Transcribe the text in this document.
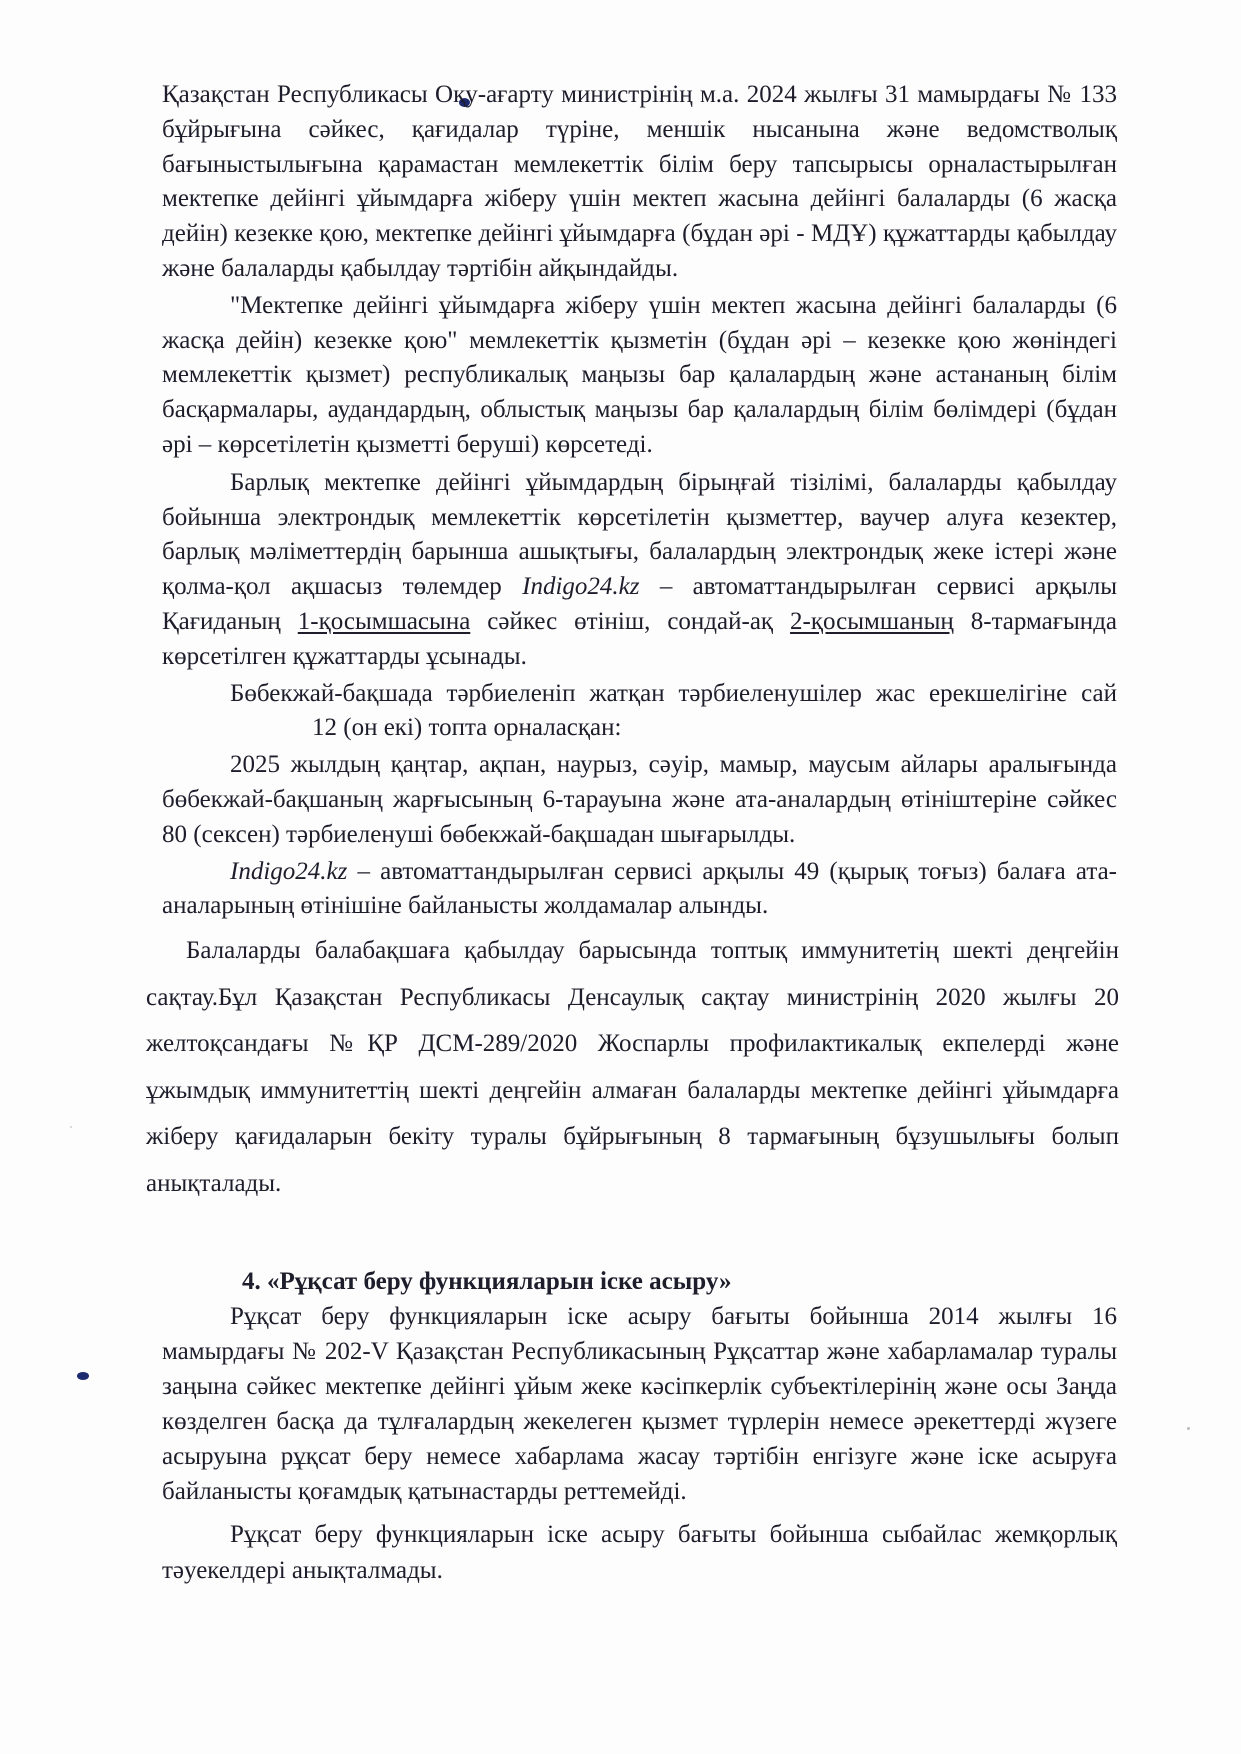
Қазақстан Республикасы Оқу-ағарту министрінің м.а. 2024 жылғы 31 мамырдағы № 133 бұйрығына сәйкес, қағидалар түріне, меншік нысанына және ведомстволық бағыныстылығына қарамастан мемлекеттік білім беру тапсырысы орналастырылған мектепке дейінгі ұйымдарға жіберу үшін мектеп жасына дейінгі балаларды (6 жасқа дейін) кезекке қою, мектепке дейінгі ұйымдарға (бұдан әрі - МДҰ) құжаттарды қабылдау және балаларды қабылдау тәртібін айқындайды.

"Мектепке дейінгі ұйымдарға жіберу үшін мектеп жасына дейінгі балаларды (6 жасқа дейін) кезекке қою" мемлекеттік қызметін (бұдан әрі – кезекке қою жөніндегі мемлекеттік қызмет) республикалық маңызы бар қалалардың және астананың білім басқармалары, аудандардың, облыстық маңызы бар қалалардың білім бөлімдері (бұдан әрі – көрсетілетін қызметті беруші) көрсетеді.

Барлық мектепке дейінгі ұйымдардың бірыңғай тізілімі, балаларды қабылдау бойынша электрондық мемлекеттік көрсетілетін қызметтер, ваучер алуға кезектер, барлық мәліметтердің барынша ашықтығы, балалардың электрондық жеке істері және қолма-қол ақшасыз төлемдер Indigo24.kz – автоматтандырылған сервисі арқылы Қағиданың 1-қосымшасына сәйкес өтініш, сондай-ақ 2-қосымшаның 8-тармағында көрсетілген құжаттарды ұсынады.

Бөбекжай-бақшада тәрбиеленіп жатқан тәрбиеленушілер жас ерекшелігіне сай12 (он екі) топта орналасқан:

2025 жылдың қаңтар, ақпан, наурыз, сәуір, мамыр, маусым айлары аралығында бөбекжай-бақшаның жарғысының 6-тарауына және ата-аналардың өтініштеріне сәйкес 80 (сексен) тәрбиеленуші бөбекжай-бақшадан шығарылды.

Indigo24.kz – автоматтандырылған сервисі арқылы 49 (қырық тоғыз) балаға ата-аналарының өтінішіне байланысты жолдамалар алынды.

Балаларды балабақшаға қабылдау барысында топтық иммунитетің шекті деңгейін сақтау.Бұл Қазақстан Республикасы Денсаулық сақтау министрінің 2020 жылғы 20 желтоқсандағы №ҚР ДСМ-289/2020 Жоспарлы профилактикалық екпелерді және ұжымдық иммунитеттің шекті деңгейін алмаған балаларды мектепке дейінгі ұйымдарға жіберу қағидаларын бекіту туралы бұйрығының 8 тармағының бұзушылығы болып анықталады.

4. «Рұқсат беру функцияларын іске асыру»

Рұқсат беру функцияларын іске асыру бағыты бойынша 2014 жылғы 16 мамырдағы № 202-V Қазақстан Республикасының Рұқсаттар және хабарламалар туралы заңына сәйкес мектепке дейінгі ұйым жеке кәсіпкерлік субъектілерінің және осы Заңда көзделген басқа да тұлғалардың жекелеген қызмет түрлерін немесе әрекеттерді жүзеге асыруына рұқсат беру немесе хабарлама жасау тәртібін енгізуге және іске асыруға байланысты қоғамдық қатынастарды реттемейді.

Рұқсат беру функцияларын іске асыру бағыты бойынша сыбайлас жемқорлық тәуекелдері анықталмады.
